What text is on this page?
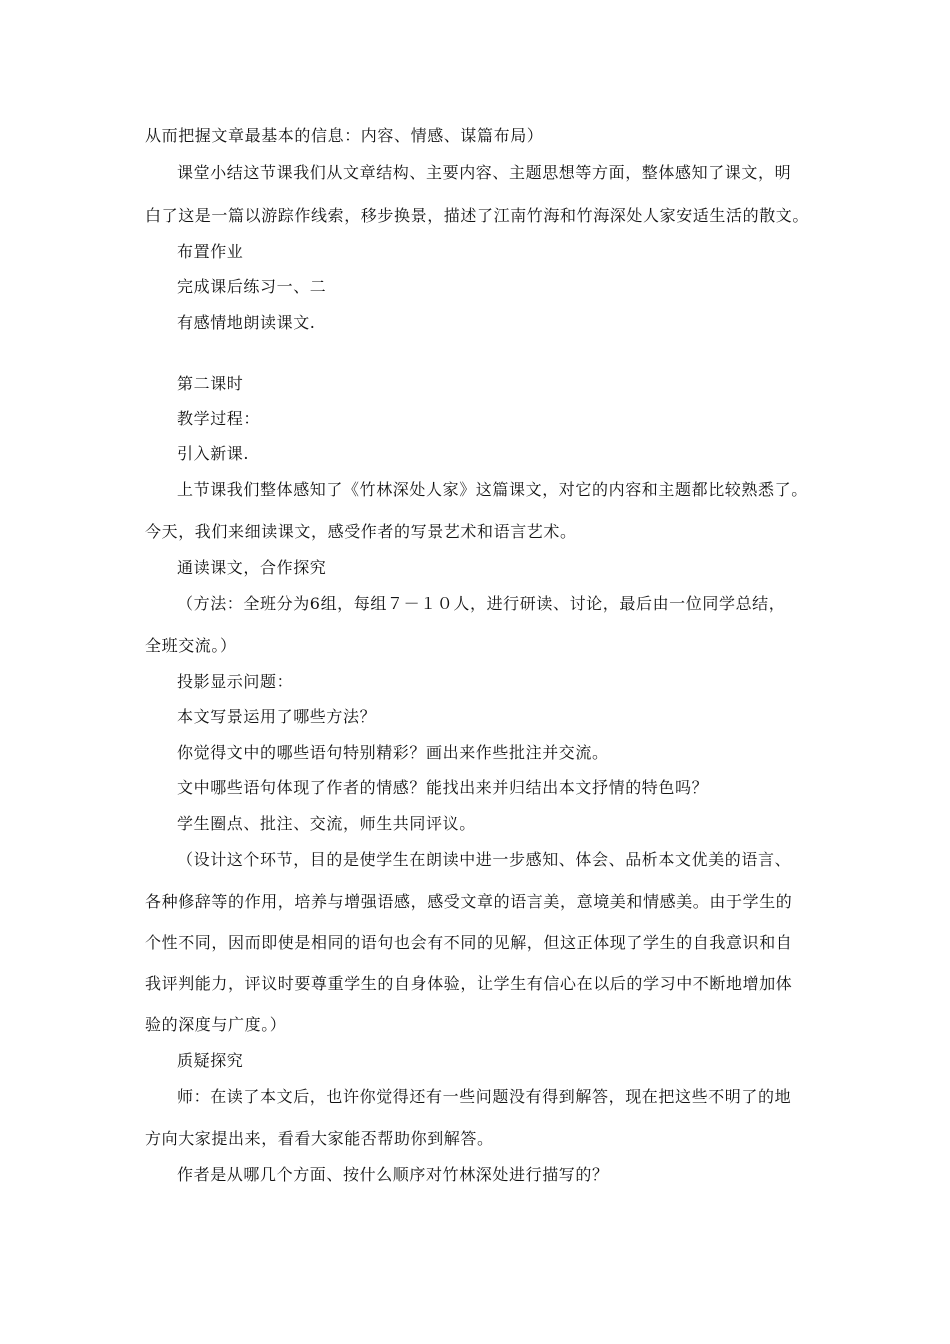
从而把握文章最基本的信息：内容、情感、谋篇布局）
课堂小结这节课我们从文章结构、主要内容、主题思想等方面，整体感知了课文，明
白了这是一篇以游踪作线索，移步换景，描述了江南竹海和竹海深处人家安适生活的散文。
布置作业
完成课后练习一、二
有感情地朗读课文.
第二课时
教学过程：
引入新课.
上节课我们整体感知了《竹林深处人家》这篇课文，对它的内容和主题都比较熟悉了。
今天，我们来细读课文，感受作者的写景艺术和语言艺术。
通读课文，合作探究
（方法：全班分为6组，每组７－１０人，进行研读、讨论，最后由一位同学总结，
全班交流。）
投影显示问题：
本文写景运用了哪些方法？
你觉得文中的哪些语句特别精彩？画出来作些批注并交流。
文中哪些语句体现了作者的情感？能找出来并归结出本文抒情的特色吗？
学生圈点、批注、交流，师生共同评议。
（设计这个环节，目的是使学生在朗读中进一步感知、体会、品析本文优美的语言、
各种修辞等的作用，培养与增强语感，感受文章的语言美，意境美和情感美。由于学生的
个性不同，因而即使是相同的语句也会有不同的见解，但这正体现了学生的自我意识和自
我评判能力，评议时要尊重学生的自身体验，让学生有信心在以后的学习中不断地增加体
验的深度与广度。）
质疑探究
师：在读了本文后，也许你觉得还有一些问题没有得到解答，现在把这些不明了的地
方向大家提出来，看看大家能否帮助你到解答。
作者是从哪几个方面、按什么顺序对竹林深处进行描写的？
